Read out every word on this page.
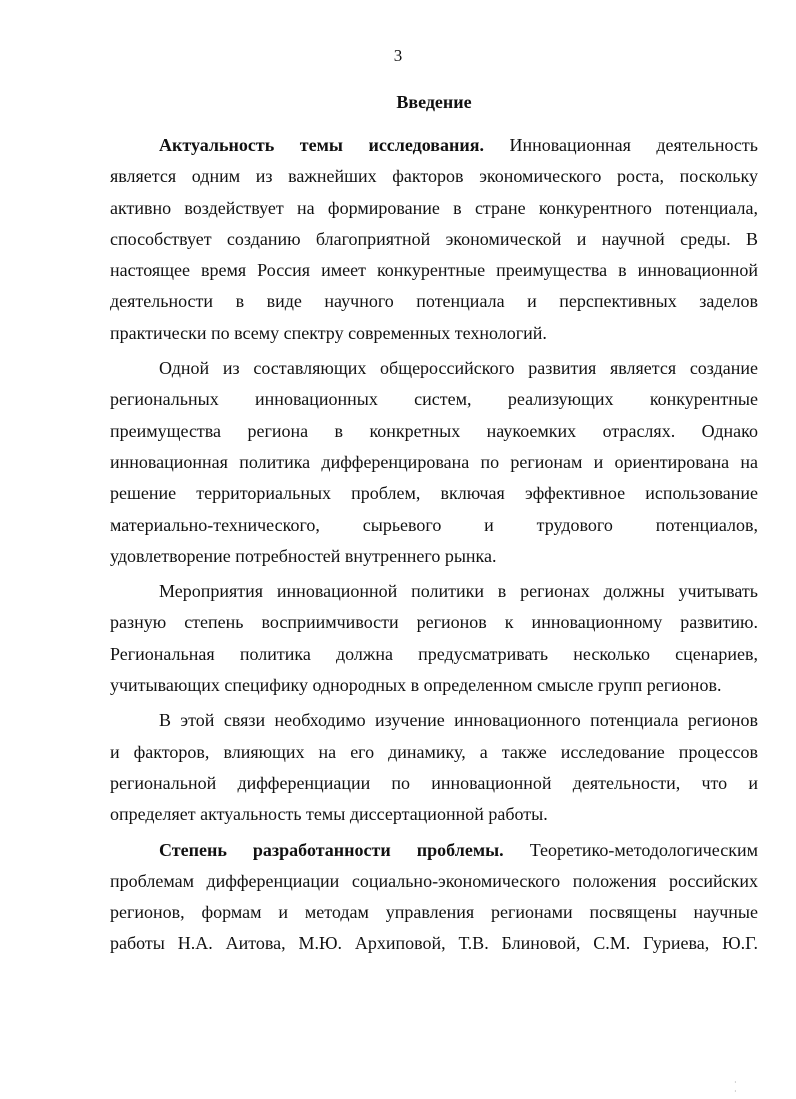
3
Введение
Актуальность темы исследования. Инновационная деятельность
является одним из важнейших факторов экономического роста, поскольку
активно воздействует на формирование в стране конкурентного потенциала,
способствует созданию благоприятной экономической и научной среды. В
настоящее время Россия имеет конкурентные преимущества в инновационной
деятельности в виде научного потенциала и перспективных заделов
практически по всему спектру современных технологий.
Одной из составляющих общероссийского развития является создание
региональных инновационных систем, реализующих конкурентные
преимущества региона в конкретных наукоемких отраслях. Однако
инновационная политика дифференцирована по регионам и ориентирована на
решение территориальных проблем, включая эффективное использование
материально-технического, сырьевого и трудового потенциалов,
удовлетворение потребностей внутреннего рынка.
Мероприятия инновационной политики в регионах должны учитывать
разную степень восприимчивости регионов к инновационному развитию.
Региональная политика должна предусматривать несколько сценариев,
учитывающих специфику однородных в определенном смысле групп регионов.
В этой связи необходимо изучение инновационного потенциала регионов
и факторов, влияющих на его динамику, а также исследование процессов
региональной дифференциации по инновационной деятельности, что и
определяет актуальность темы диссертационной работы.
Степень разработанности проблемы. Теоретико-методологическим
проблемам дифференциации социально-экономического положения российских
регионов, формам и методам управления регионами посвящены научные
работы Н.А. Аитова, М.Ю. Архиповой, Т.В. Блиновой, С.М. Гуриева, Ю.Г.
· ·
